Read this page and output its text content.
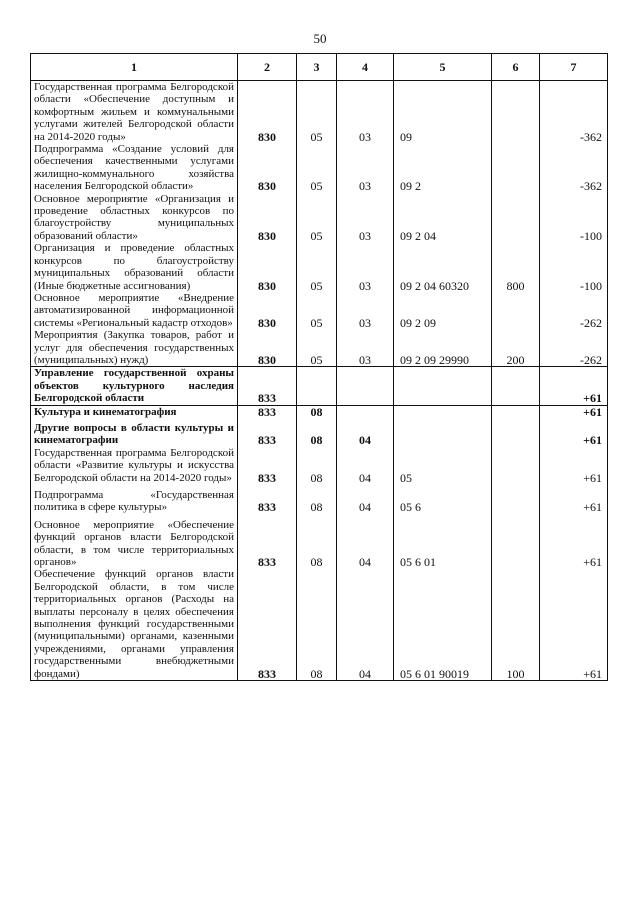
50
1	2	3	4	5	6	7
Государственная программа Белгородской области «Обеспечение доступным и комфортным жильем и коммунальными услугами жителей Белгородской области на 2014-2020 годы»	830	05	03	09		-362
Подпрограмма «Создание условий для обеспечения качественными услугами жилищно-коммунального хозяйства населения Белгородской области»	830	05	03	09 2		-362
Основное мероприятие «Организация и проведение областных конкурсов по благоустройству муниципальных образований области»	830	05	03	09 2 04		-100
Организация и проведение областных конкурсов по благоустройству муниципальных образований области (Иные бюджетные ассигнования)	830	05	03	09 2 04 60320	800	-100
Основное мероприятие «Внедрение автоматизированной информационной системы «Региональный кадастр отходов»	830	05	03	09 2 09		-262
Мероприятия (Закупка товаров, работ и услуг для обеспечения государственных (муниципальных) нужд)	830	05	03	09 2 09 29990	200	-262
Управление государственной охраны объектов культурного наследия Белгородской области	833					+61
Культура и кинематография	833	08				+61
Другие вопросы в области культуры и кинематографии	833	08	04			+61
Государственная программа Белгородской области «Развитие культуры и искусства Белгородской области на 2014-2020 годы»	833	08	04	05		+61
Подпрограмма «Государственная политика в сфере культуры»	833	08	04	05 6		+61
Основное мероприятие «Обеспечение функций органов власти Белгородской области, в том числе территориальных органов»	833	08	04	05 6 01		+61
Обеспечение функций органов власти Белгородской области, в том числе территориальных органов (Расходы на выплаты персоналу в целях обеспечения выполнения функций государственными (муниципальными) органами, казенными учреждениями, органами управления государственными внебюджетными фондами)	833	08	04	05 6 01 90019	100	+61
